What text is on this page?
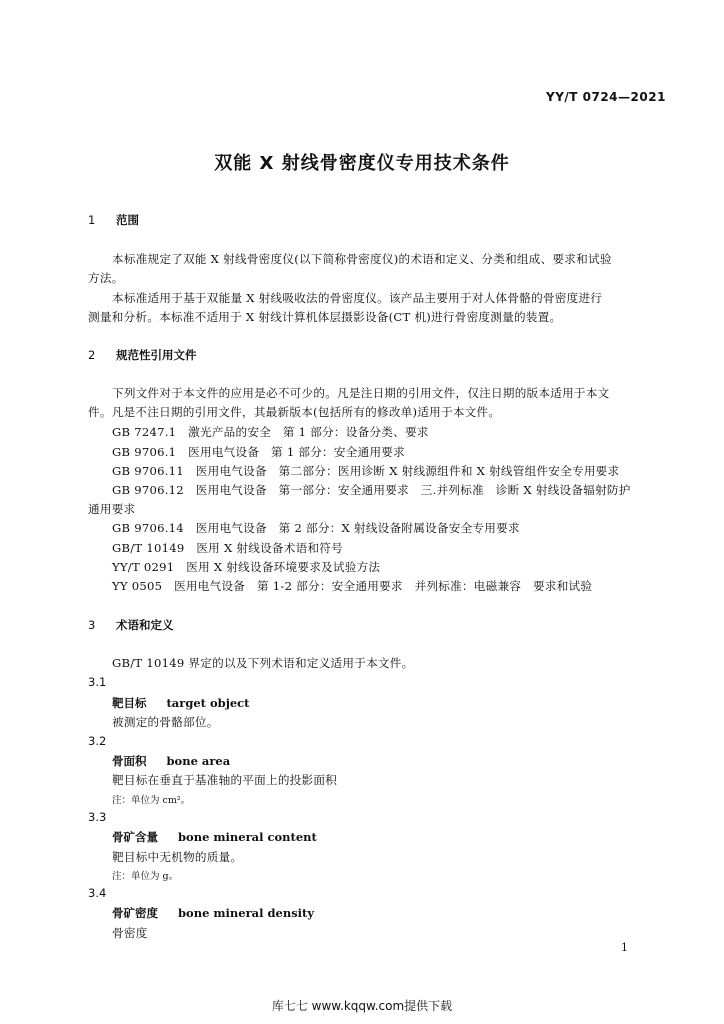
YY/T 0724—2021
双能 X 射线骨密度仪专用技术条件
1 范围
本标准规定了双能 X 射线骨密度仪(以下简称骨密度仪)的术语和定义、分类和组成、要求和试验
方法。
本标准适用于基于双能量 X 射线吸收法的骨密度仪。该产品主要用于对人体骨骼的骨密度进行
测量和分析。本标准不适用于 X 射线计算机体层摄影设备(CT 机)进行骨密度测量的装置。
2 规范性引用文件
下列文件对于本文件的应用是必不可少的。凡是注日期的引用文件，仅注日期的版本适用于本文
件。凡是不注日期的引用文件，其最新版本(包括所有的修改单)适用于本文件。
GB 7247.1　激光产品的安全　第 1 部分：设备分类、要求
GB 9706.1　医用电气设备　第 1 部分：安全通用要求
GB 9706.11　医用电气设备　第二部分：医用诊断 X 射线源组件和 X 射线管组件安全专用要求
GB 9706.12　医用电气设备　第一部分：安全通用要求　三.并列标准　诊断 X 射线设备辐射防护
通用要求
GB 9706.14　医用电气设备　第 2 部分：X 射线设备附属设备安全专用要求
GB/T 10149　医用 X 射线设备术语和符号
YY/T 0291　医用 X 射线设备环境要求及试验方法
YY 0505　医用电气设备　第 1-2 部分：安全通用要求　并列标准：电磁兼容　要求和试验
3 术语和定义
GB/T 10149 界定的以及下列术语和定义适用于本文件。
3.1
靶目标 target object
被测定的骨骼部位。
3.2
骨面积 bone area
靶目标在垂直于基准轴的平面上的投影面积
注：单位为 cm²。
3.3
骨矿含量 bone mineral content
靶目标中无机物的质量。
注：单位为 g。
3.4
骨矿密度 bone mineral density
骨密度
1
库七七 www.kqqw.com提供下载
